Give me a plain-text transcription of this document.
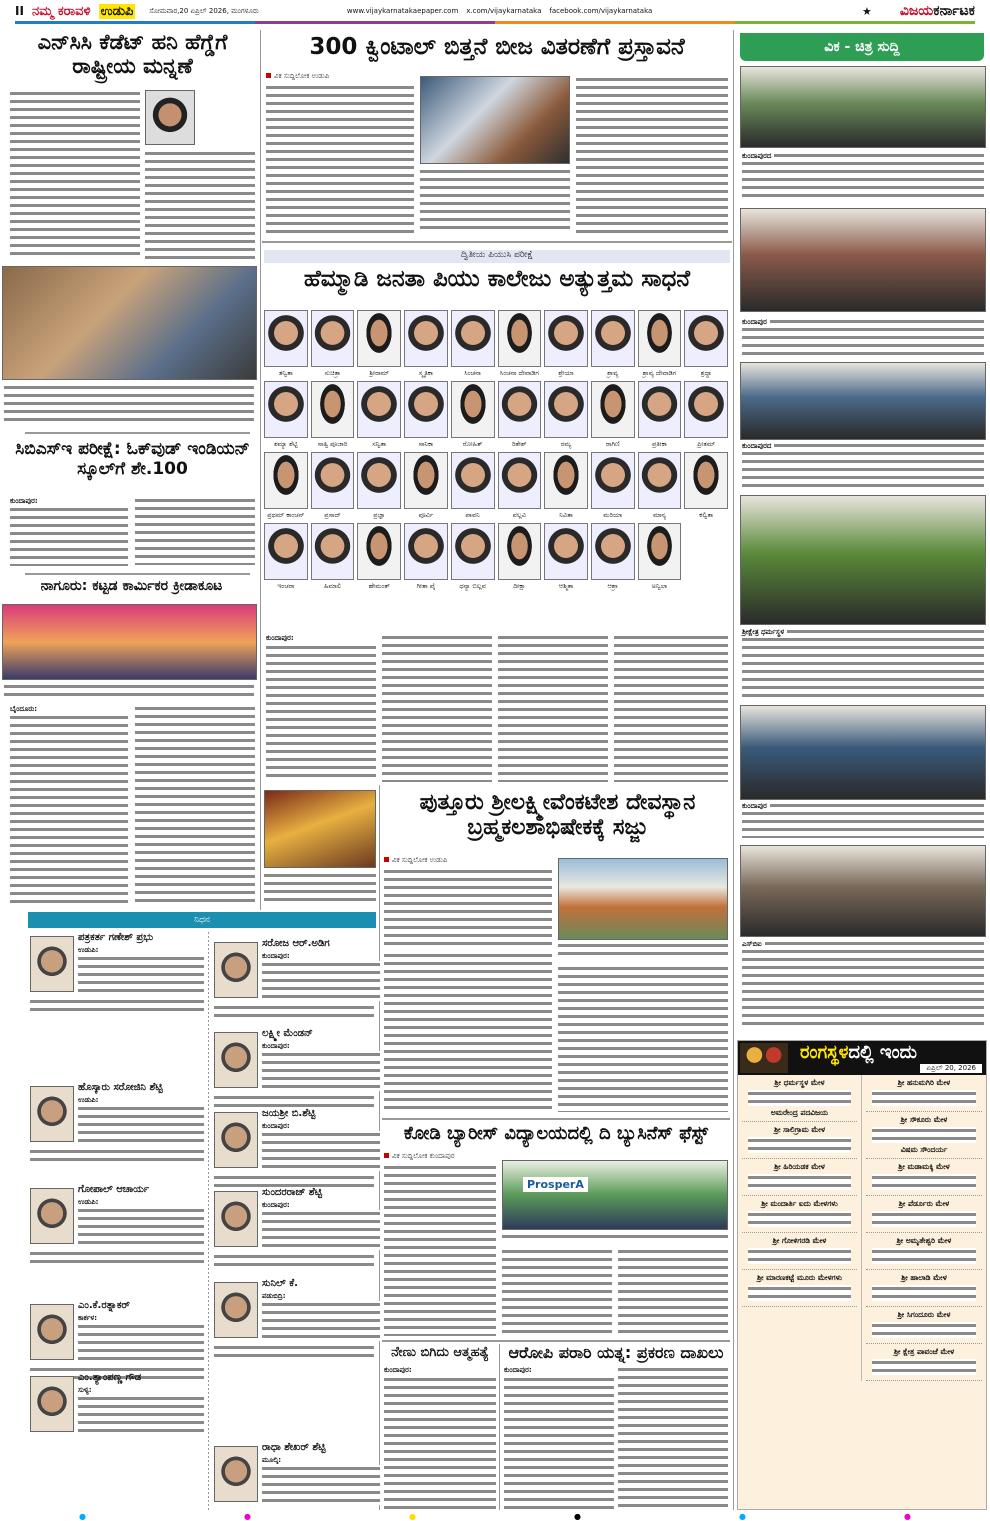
II ನಮ್ಮ ಕರಾವಳಿ ಉಡುಪಿ ಸೋಮವಾರ,20 ಏಪ್ರಿಲ್ 2026, ಮಂಗಳೂರು	www.vijaykarnatakaepaper.com x.com/vijaykarnataka facebook.com/vijaykarnataka	★ ವಿಜಯಕರ್ನಾಟಕ
ಎನ್‌ಸಿಸಿ ಕೆಡೆಟ್ ಹನಿ ಹೆಗ್ಡೆಗೆ ರಾಷ್ಟ್ರೀಯ ಮನ್ನಣೆ
ಸಿಬಿಎಸ್‌ಇ ಪರೀಕ್ಷೆ: ಓಕ್‌ವುಡ್ ಇಂಡಿಯನ್ ಸ್ಕೂಲ್‌ಗೆ ಶೇ.100
ಕುಂದಾಪುರ:
ನಾಗೂರು: ಕಟ್ಟಡ ಕಾರ್ಮಿಕರ ಕ್ರೀಡಾಕೂಟ
ಬೈಂದೂರು:
300 ಕ್ವಿಂಟಾಲ್ ಬಿತ್ತನೆ ಬೀಜ ವಿತರಣೆಗೆ ಪ್ರಸ್ತಾವನೆ
ವಿಕ ಸುದ್ದಿಲೋಕ ಉಡುಪಿ
ದ್ವಿತೀಯ ಪಿಯುಸಿ ಪರೀಕ್ಷೆ
ಹೆಮ್ಮಾಡಿ ಜನತಾ ಪಿಯು ಕಾಲೇಜು ಅತ್ಯುತ್ತಮ ಸಾಧನೆ
ತನ್ವಿತಾ	ಸುಚಿತ್ರಾ	ಶ್ರೀರಾಮ್	ಸ್ಮೃತಿಕಾ	ಸಿಂಚನಾ	ಸಿಂಚನಾ ದೇವಾಡಿಗ	ಶ್ರೇಯಾ	ಶ್ರಾವ್ಯ	ಶ್ರಾವ್ಯ ದೇವಾಡಿಗ	ಶ್ರದ್ಧಾ
ಶಮ್ಯಾ ಶೆಟ್ಟಿ	ಸಾತ್ವಿ ಪೂಜಾರಿ	ಸನ್ವಿತಾ	ಸಾನಿಕಾ	ರೋಹಿತ್	ರಿತೇಶ್	ರಮ್ಯ	ರಾಗಿಣಿ	ಪ್ರತೀಕಾ	ಪ್ರೀತಮ್
ಪ್ರಥಮ್ ಕಾಂಚನ್	ಪ್ರಸಾದ್	ಪ್ರಜ್ಞಾ	ಪೂರ್ವಿ	ಪಾವನಿ	ಪಲ್ಲವಿ	ನಿವಿತಾ	ಮರಿಯಾ	ಮಾನ್ಯ	ಕಲ್ವಿತಾ
ಇಂಚರಾ	ಹಿಮಾಲಿ	ಹೇಮಂತ್	ಗೀತಾ ಪೈ	ಧನ್ಯಾ ಬಿಲ್ಲವ	ದೀಕ್ಷಾ	ಆಶ್ಮಿತಾ	ಆಶ್ರಾ	ಅನ್ವಿಲಾ
ಕುಂದಾಪುರ:
ಪುತ್ತೂರು ಶ್ರೀಲಕ್ಷ್ಮೀವೆಂಕಟೇಶ ದೇವಸ್ಥಾನ ಬ್ರಹ್ಮಕಲಶಾಭಿಷೇಕಕ್ಕೆ ಸಜ್ಜು
ವಿಕ ಸುದ್ದಿಲೋಕ ಉಡುಪಿ
ಕೋಡಿ ಬ್ಯಾರೀಸ್ ವಿದ್ಯಾಲಯದಲ್ಲಿ ದಿ ಬ್ಯುಸಿನೆಸ್ ಫೆಸ್ಟ್
ವಿಕ ಸುದ್ದಿಲೋಕ ಕುಂದಾಪುರ
ProsperA
ನೇಣು ಬಿಗಿದು ಆತ್ಮಹತ್ಯೆ
ಕುಂದಾಪುರ:
ಆರೋಪಿ ಪರಾರಿ ಯತ್ನ: ಪ್ರಕರಣ ದಾಖಲು
ಕುಂದಾಪುರ:
ನಿಧನ
ಪತ್ರಕರ್ತ ಗಣೇಶ್ ಪ್ರಭು
ಉಡುಪಿ:
ಹೊಸ್ಕಾರು ಸರೋಜಿನಿ ಶೆಟ್ಟಿ
ಉಡುಪಿ:
ಗೋಪಾಲ್ ಆಚಾರ್ಯ
ಉಡುಪಿ:
ಎಂ.ಕೆ.ರತ್ನಾಕರ್
ಕಾರ್ಕಳ:
ಎಂ.ತ್ಯಾಂಪಣ್ಣ ಗೌಡ
ಸುಳ್ಯ:
ಸರೋಜ ಆರ್.ಅಡಿಗ
ಕುಂದಾಪುರ:
ಲಕ್ಷ್ಮೀ ಮೆಂಡನ್
ಕುಂದಾಪುರ:
ಜಯಶ್ರೀ ಬಿ.ಶೆಟ್ಟಿ
ಕುಂದಾಪುರ:
ಸುಂದರರಾಜ್ ಶೆಟ್ಟಿ
ಕುಂದಾಪುರ:
ಸುನಿಲ್ ಕೆ.
ಪಡುಬಿದ್ರಿ:
ರಾಧಾ ಶೇಖರ್ ಶೆಟ್ಟಿ
ಮೂಲ್ಕಿ:
ವಿಕ - ಚಿತ್ರ ಸುದ್ದಿ
ಕುಂದಾಪುರದ
ಕುಂದಾಪುರ
ಕುಂದಾಪುರದ
ಶ್ರೀಕ್ಷೇತ್ರ ಧರ್ಮಸ್ಥಳ
ಕುಂದಾಪುರ
ಎಸ್‌ಬಿಐ
ರಂಗಸ್ಥಳದಲ್ಲಿ ಇಂದು
ಏಪ್ರಿಲ್ 20, 2026
ಶ್ರೀ ಧರ್ಮಸ್ಥಳ ಮೇಳ
ಅಮರೇಂದ್ರ ಪದವಿಜಯ
ಶ್ರೀ ಸಾಲಿಗ್ರಾಮ ಮೇಳ
ಶ್ರೀ ಹಿರಿಯಡಕ ಮೇಳ
ಶ್ರೀ ಮಂದಾರ್ತಿ ಐದು ಮೇಳಗಳು
ಶ್ರೀ ಗೋಳಿಗರಡಿ ಮೇಳ
ಶ್ರೀ ಮಾರಣಕಟ್ಟೆ ಮೂರು ಮೇಳಗಳು
ಶ್ರೀ ಹನುಮಗಿರಿ ಮೇಳ
ಶ್ರೀ ಸೌಕೂರು ಮೇಳ
ವಿಷಮ ಸೌಂದರ್ಯ
ಶ್ರೀ ಮಡಾಮಕ್ಕಿ ಮೇಳ
ಶ್ರೀ ಪೆರ್ಡೂರು ಮೇಳ
ಶ್ರೀ ಅಮೃತೇಶ್ವರಿ ಮೇಳ
ಶ್ರೀ ಹಾಲಾಡಿ ಮೇಳ
ಶ್ರೀ ಸಿಗಂದೂರು ಮೇಳ
ಶ್ರೀ ಕ್ಷೇತ್ರ ಪಾವಂಜೆ ಮೇಳ
●	●	●	●	●	●
